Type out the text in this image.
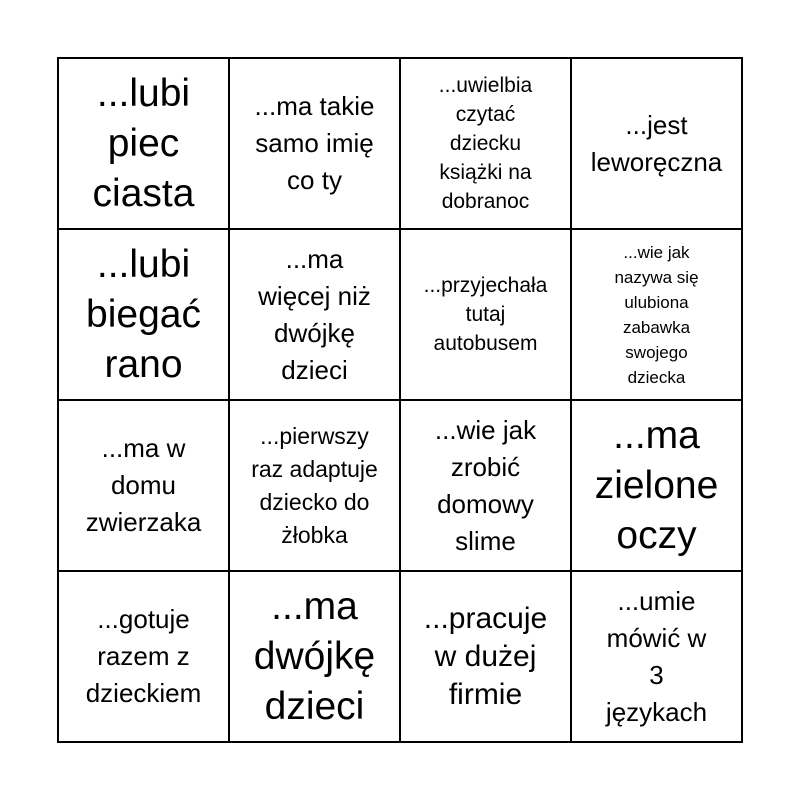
...lubi
piec
ciasta
...ma takie
samo imię
co ty
...uwielbia
czytać
dziecku
książki na
dobranoc
...jest
leworęczna
...lubi
biegać
rano
...ma
więcej niż
dwójkę
dzieci
...przyjechała
tutaj
autobusem
...wie jak
nazywa się
ulubiona
zabawka
swojego
dziecka
...ma w
domu
zwierzaka
...pierwszy
raz adaptuje
dziecko do
żłobka
...wie jak
zrobić
domowy
slime
...ma
zielone
oczy
...gotuje
razem z
dzieckiem
...ma
dwójkę
dzieci
...pracuje
w dużej
firmie
...umie
mówić w
3
językach
